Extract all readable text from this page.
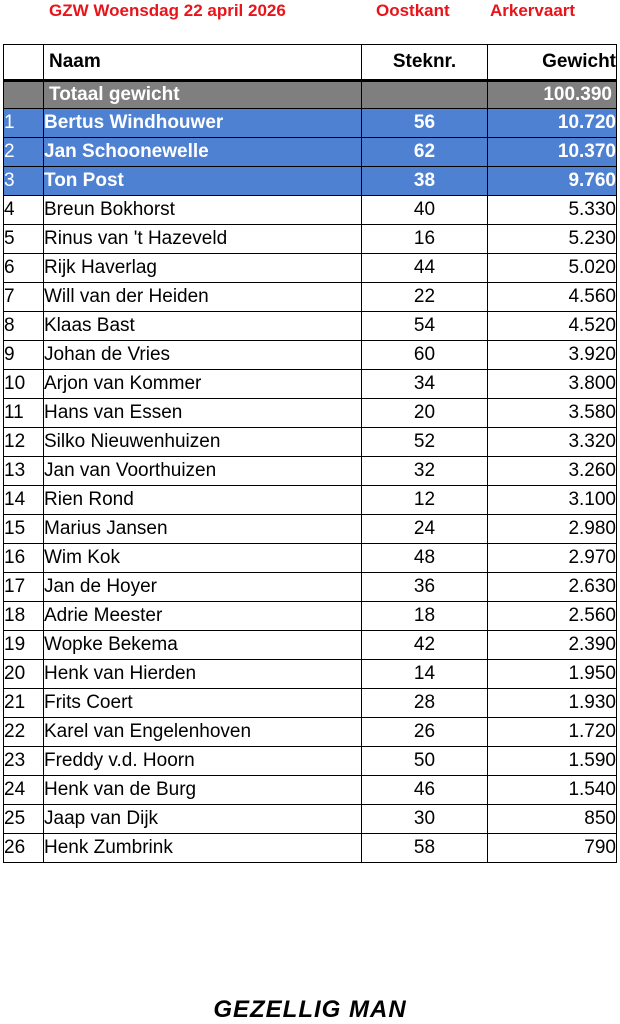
GZW Woensdag 22 april 2026	Oostkant Arkervaart
	Naam	Steknr.	Gewicht
	Totaal gewicht		100.390
1	Bertus Windhouwer	56	10.720
2	Jan Schoonewelle	62	10.370
3	Ton Post	38	9.760
4	Breun Bokhorst	40	5.330
5	Rinus van 't Hazeveld	16	5.230
6	Rijk Haverlag	44	5.020
7	Will van der Heiden	22	4.560
8	Klaas Bast	54	4.520
9	Johan de Vries	60	3.920
10	Arjon van Kommer	34	3.800
11	Hans van Essen	20	3.580
12	Silko Nieuwenhuizen	52	3.320
13	Jan van Voorthuizen	32	3.260
14	Rien Rond	12	3.100
15	Marius Jansen	24	2.980
16	Wim Kok	48	2.970
17	Jan de Hoyer	36	2.630
18	Adrie Meester	18	2.560
19	Wopke Bekema	42	2.390
20	Henk van Hierden	14	1.950
21	Frits Coert	28	1.930
22	Karel van Engelenhoven	26	1.720
23	Freddy v.d. Hoorn	50	1.590
24	Henk van de Burg	46	1.540
25	Jaap van Dijk	30	850
26	Henk Zumbrink	58	790
GEZELLIG MAN
